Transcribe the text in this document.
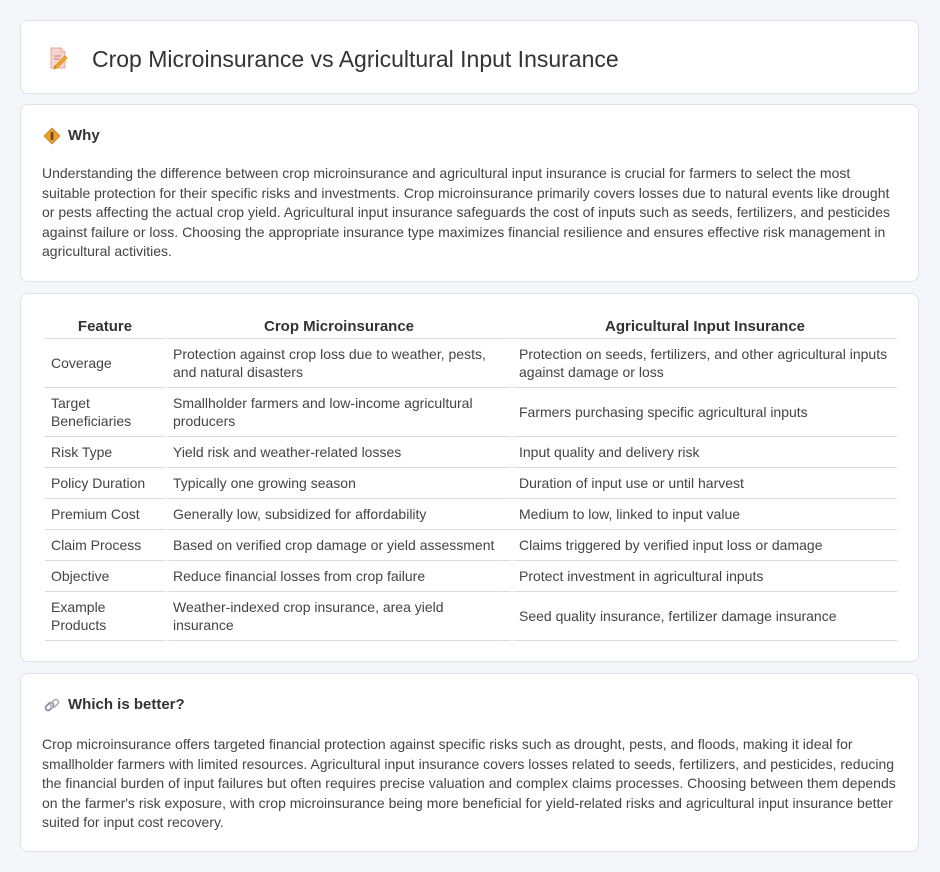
Crop Microinsurance vs Agricultural Input Insurance
Why

Understanding the difference between crop microinsurance and agricultural input insurance is crucial for farmers to select the most suitable protection for their specific risks and investments. Crop microinsurance primarily covers losses due to natural events like drought or pests affecting the actual crop yield. Agricultural input insurance safeguards the cost of inputs such as seeds, fertilizers, and pesticides against failure or loss. Choosing the appropriate insurance type maximizes financial resilience and ensures effective risk management in agricultural activities.

Feature	Crop Microinsurance	Agricultural Input Insurance
Coverage	Protection against crop loss due to weather, pests, and natural disasters	Protection on seeds, fertilizers, and other agricultural inputs against damage or loss
Target Beneficiaries	Smallholder farmers and low-income agricultural producers	Farmers purchasing specific agricultural inputs
Risk Type	Yield risk and weather-related losses	Input quality and delivery risk
Policy Duration	Typically one growing season	Duration of input use or until harvest
Premium Cost	Generally low, subsidized for affordability	Medium to low, linked to input value
Claim Process	Based on verified crop damage or yield assessment	Claims triggered by verified input loss or damage
Objective	Reduce financial losses from crop failure	Protect investment in agricultural inputs
Example Products	Weather-indexed crop insurance, area yield insurance	Seed quality insurance, fertilizer damage insurance
Which is better?

Crop microinsurance offers targeted financial protection against specific risks such as drought, pests, and floods, making it ideal for smallholder farmers with limited resources. Agricultural input insurance covers losses related to seeds, fertilizers, and pesticides, reducing the financial burden of input failures but often requires precise valuation and complex claims processes. Choosing between them depends on the farmer's risk exposure, with crop microinsurance being more beneficial for yield-related risks and agricultural input insurance better suited for input cost recovery.
